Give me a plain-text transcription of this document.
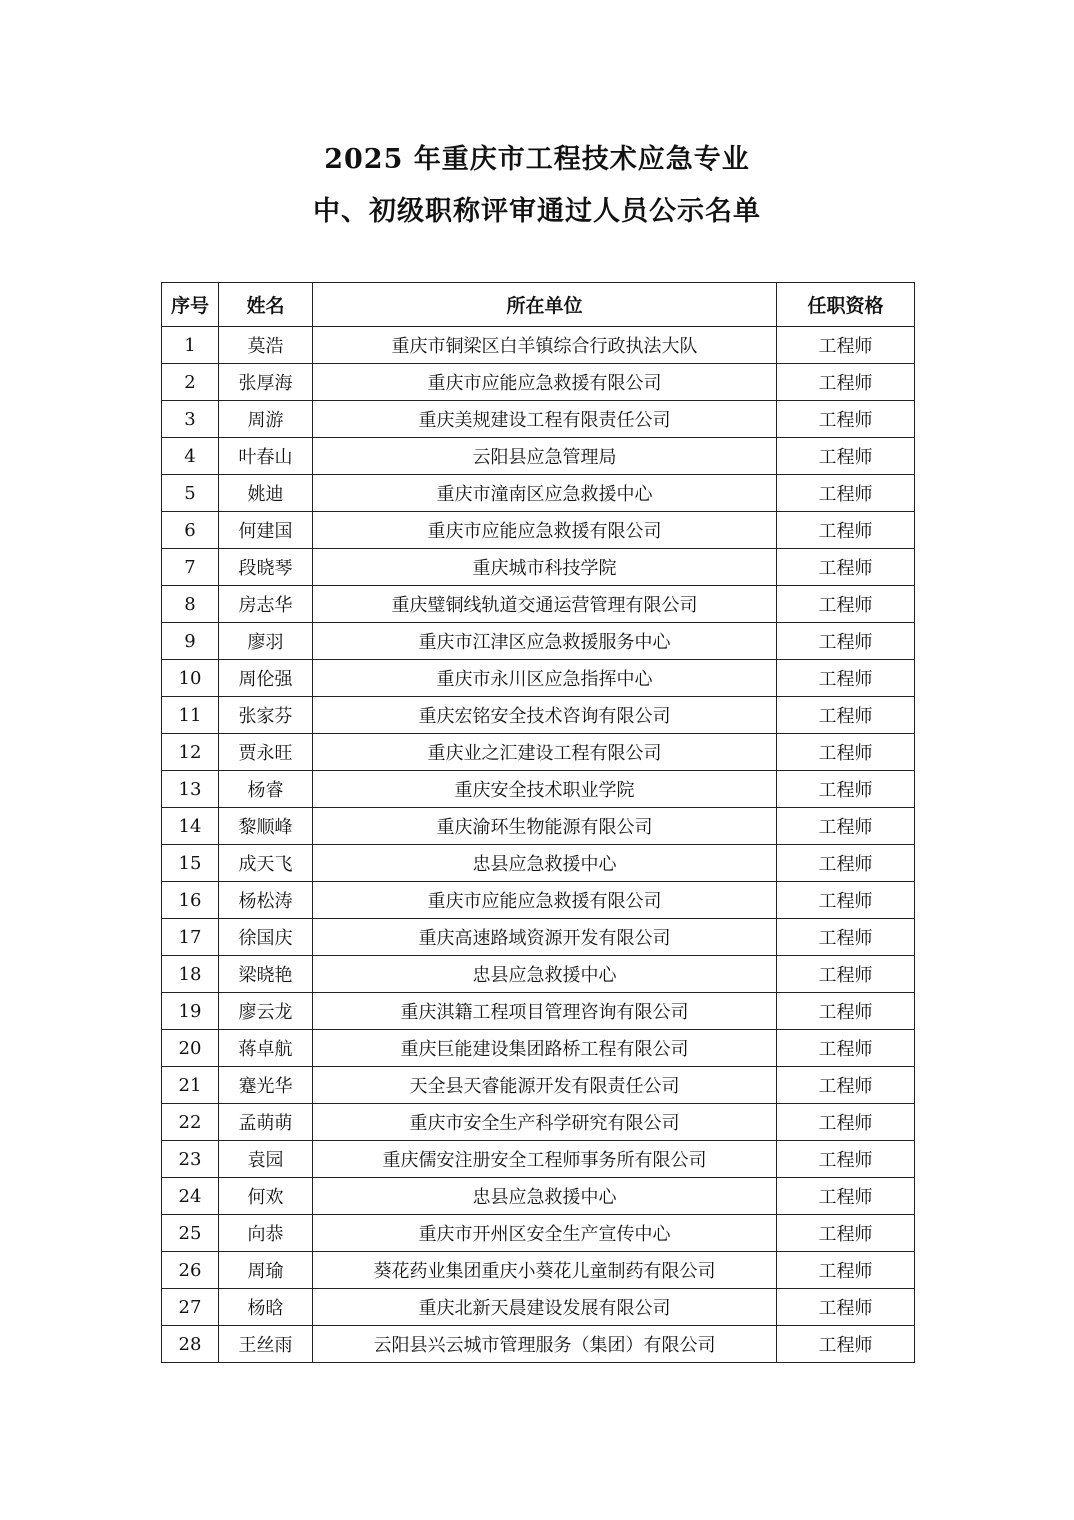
2025 年重庆市工程技术应急专业
中、初级职称评审通过人员公示名单
序号	姓名	所在单位	任职资格
1	莫浩	重庆市铜梁区白羊镇综合行政执法大队	工程师
2	张厚海	重庆市应能应急救援有限公司	工程师
3	周游	重庆美规建设工程有限责任公司	工程师
4	叶春山	云阳县应急管理局	工程师
5	姚迪	重庆市潼南区应急救援中心	工程师
6	何建国	重庆市应能应急救援有限公司	工程师
7	段晓琴	重庆城市科技学院	工程师
8	房志华	重庆璧铜线轨道交通运营管理有限公司	工程师
9	廖羽	重庆市江津区应急救援服务中心	工程师
10	周伦强	重庆市永川区应急指挥中心	工程师
11	张家芬	重庆宏铭安全技术咨询有限公司	工程师
12	贾永旺	重庆业之汇建设工程有限公司	工程师
13	杨睿	重庆安全技术职业学院	工程师
14	黎顺峰	重庆渝环生物能源有限公司	工程师
15	成天飞	忠县应急救援中心	工程师
16	杨松涛	重庆市应能应急救援有限公司	工程师
17	徐国庆	重庆高速路域资源开发有限公司	工程师
18	梁晓艳	忠县应急救援中心	工程师
19	廖云龙	重庆淇籍工程项目管理咨询有限公司	工程师
20	蒋卓航	重庆巨能建设集团路桥工程有限公司	工程师
21	蹇光华	天全县天睿能源开发有限责任公司	工程师
22	孟萌萌	重庆市安全生产科学研究有限公司	工程师
23	袁园	重庆儒安注册安全工程师事务所有限公司	工程师
24	何欢	忠县应急救援中心	工程师
25	向恭	重庆市开州区安全生产宣传中心	工程师
26	周瑜	葵花药业集团重庆小葵花儿童制药有限公司	工程师
27	杨晗	重庆北新天晨建设发展有限公司	工程师
28	王丝雨	云阳县兴云城市管理服务（集团）有限公司	工程师
